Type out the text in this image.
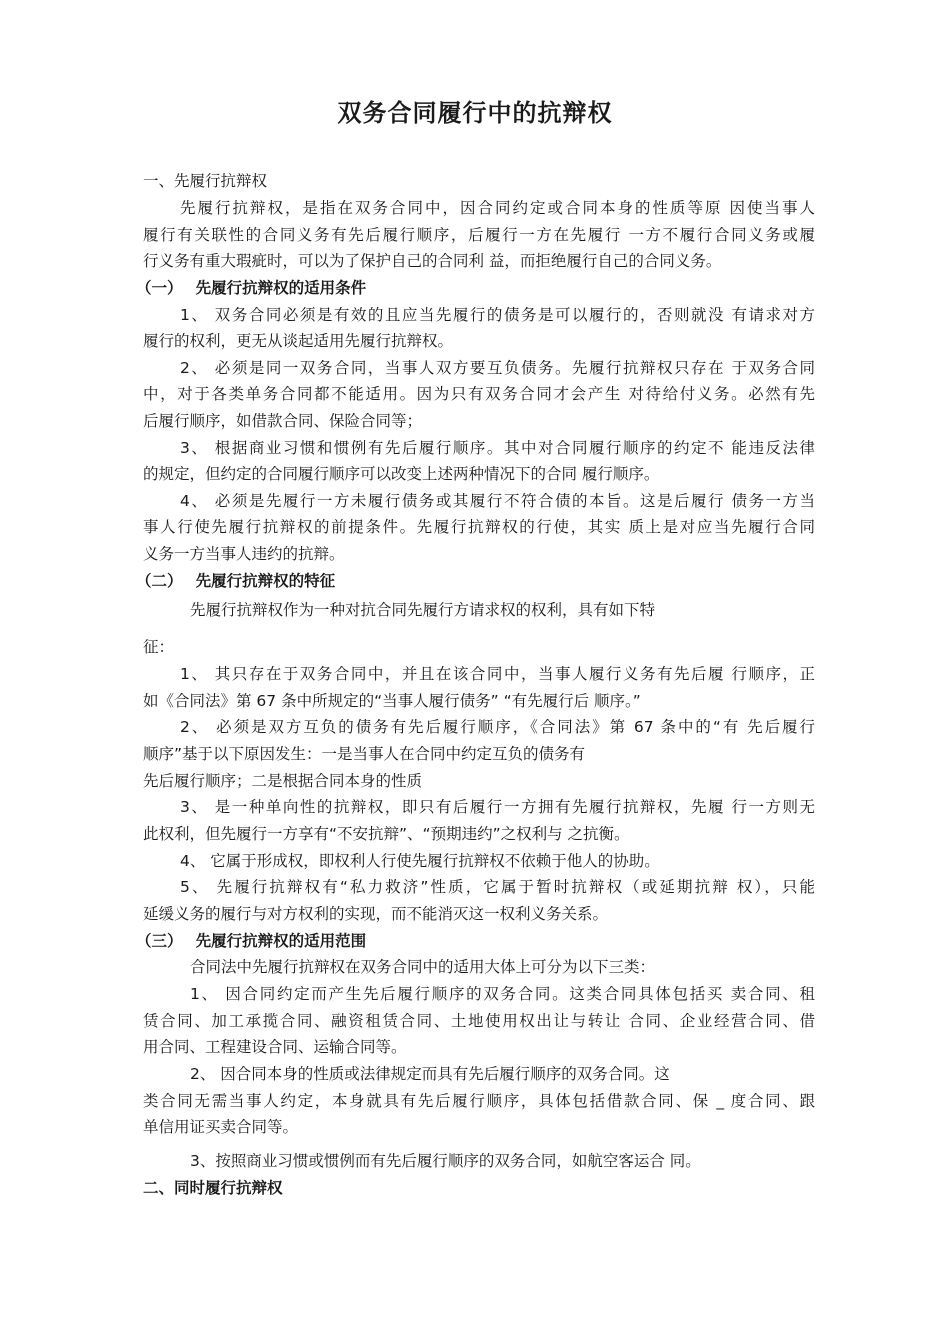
双务合同履行中的抗辩权
一、先履行抗辩权
先履行抗辩权，是指在双务合同中，因合同约定或合同本身的性质等原 因使当事人
履行有关联性的合同义务有先后履行顺序，后履行一方在先履行 一方不履行合同义务或履
行义务有重大瑕疵时，可以为了保护自己的合同利 益，而拒绝履行自己的合同义务。
（一）　 先履行抗辩权的适用条件
1、 双务合同必须是有效的且应当先履行的债务是可以履行的，否则就没 有请求对方
履行的权利，更无从谈起适用先履行抗辩权。
2、 必须是同一双务合同，当事人双方要互负债务。先履行抗辩权只存在 于双务合同
中，对于各类单务合同都不能适用。因为只有双务合同才会产生 对待给付义务。必然有先
后履行顺序，如借款合同、保险合同等；
3、 根据商业习惯和惯例有先后履行顺序。其中对合同履行顺序的约定不 能违反法律
的规定，但约定的合同履行顺序可以改变上述两种情况下的合同 履行顺序。
4、 必须是先履行一方未履行债务或其履行不符合债的本旨。这是后履行 债务一方当
事人行使先履行抗辩权的前提条件。先履行抗辩权的行使，其实 质上是对应当先履行合同
义务一方当事人违约的抗辩。
（二）　 先履行抗辩权的特征
先履行抗辩权作为一种对抗合同先履行方请求权的权利，具有如下特
征：
1、 其只存在于双务合同中，并且在该合同中，当事人履行义务有先后履 行顺序，正
如《合同法》第 67 条中所规定的“当事人履行债务” “有先履行后 顺序。”
2、 必须是双方互负的债务有先后履行顺序，《合同法》第 67 条中的“有 先后履行
顺序”基于以下原因发生：一是当事人在合同中约定互负的债务有
先后履行顺序；二是根据合同本身的性质
3、 是一种单向性的抗辩权，即只有后履行一方拥有先履行抗辩权，先履 行一方则无
此权利，但先履行一方享有“不安抗辩”、“预期违约”之权利与 之抗衡。
4、 它属于形成权，即权利人行使先履行抗辩权不依赖于他人的协助。
5、 先履行抗辩权有“私力救济”性质，它属于暂时抗辩权（或延期抗辩 权），只能
延缓义务的履行与对方权利的实现，而不能消灭这一权利义务关系。
（三）　 先履行抗辩权的适用范围
合同法中先履行抗辩权在双务合同中的适用大体上可分为以下三类：
1、 因合同约定而产生先后履行顺序的双务合同。这类合同具体包括买 卖合同、租
赁合同、加工承揽合同、融资租赁合同、土地使用权出让与转让 合同、企业经营合同、借
用合同、工程建设合同、运输合同等。
2、 因合同本身的性质或法律规定而具有先后履行顺序的双务合同。这
类合同无需当事人约定，本身就具有先后履行顺序，具体包括借款合同、保 _ 度合同、跟
单信用证买卖合同等。
3、按照商业习惯或惯例而有先后履行顺序的双务合同，如航空客运合 同。
二、同时履行抗辩权
